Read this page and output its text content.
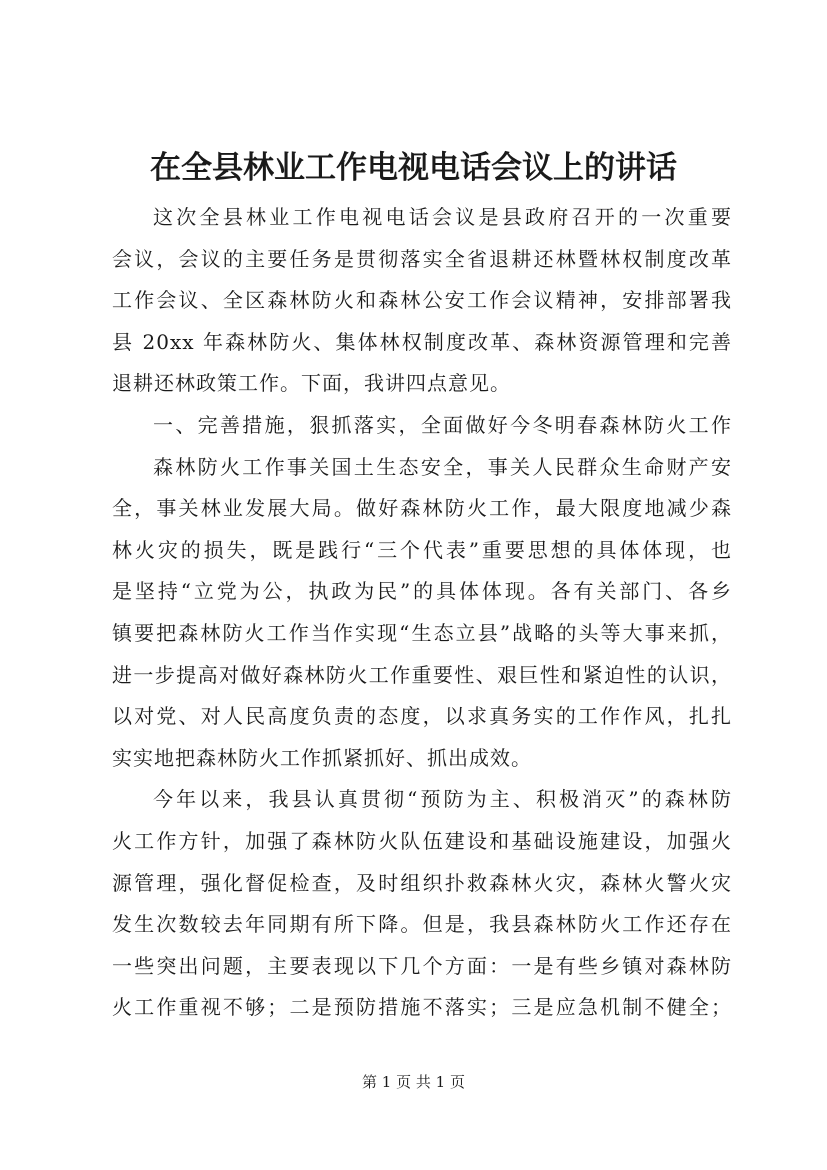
在全县林业工作电视电话会议上的讲话
这次全县林业工作电视电话会议是县政府召开的一次重要
会议，会议的主要任务是贯彻落实全省退耕还林暨林权制度改革
工作会议、全区森林防火和森林公安工作会议精神，安排部署我
县 20xx 年森林防火、集体林权制度改革、森林资源管理和完善
退耕还林政策工作。下面，我讲四点意见。
一、完善措施，狠抓落实，全面做好今冬明春森林防火工作
森林防火工作事关国土生态安全，事关人民群众生命财产安
全，事关林业发展大局。做好森林防火工作，最大限度地减少森
林火灾的损失，既是践行“三个代表”重要思想的具体体现，也
是坚持“立党为公，执政为民”的具体体现。各有关部门、各乡
镇要把森林防火工作当作实现“生态立县”战略的头等大事来抓，
进一步提高对做好森林防火工作重要性、艰巨性和紧迫性的认识，
以对党、对人民高度负责的态度，以求真务实的工作作风，扎扎
实实地把森林防火工作抓紧抓好、抓出成效。
今年以来，我县认真贯彻“预防为主、积极消灭”的森林防
火工作方针，加强了森林防火队伍建设和基础设施建设，加强火
源管理，强化督促检查，及时组织扑救森林火灾，森林火警火灾
发生次数较去年同期有所下降。但是，我县森林防火工作还存在
一些突出问题，主要表现以下几个方面：一是有些乡镇对森林防
火工作重视不够；二是预防措施不落实；三是应急机制不健全；
第 1 页 共 1 页
